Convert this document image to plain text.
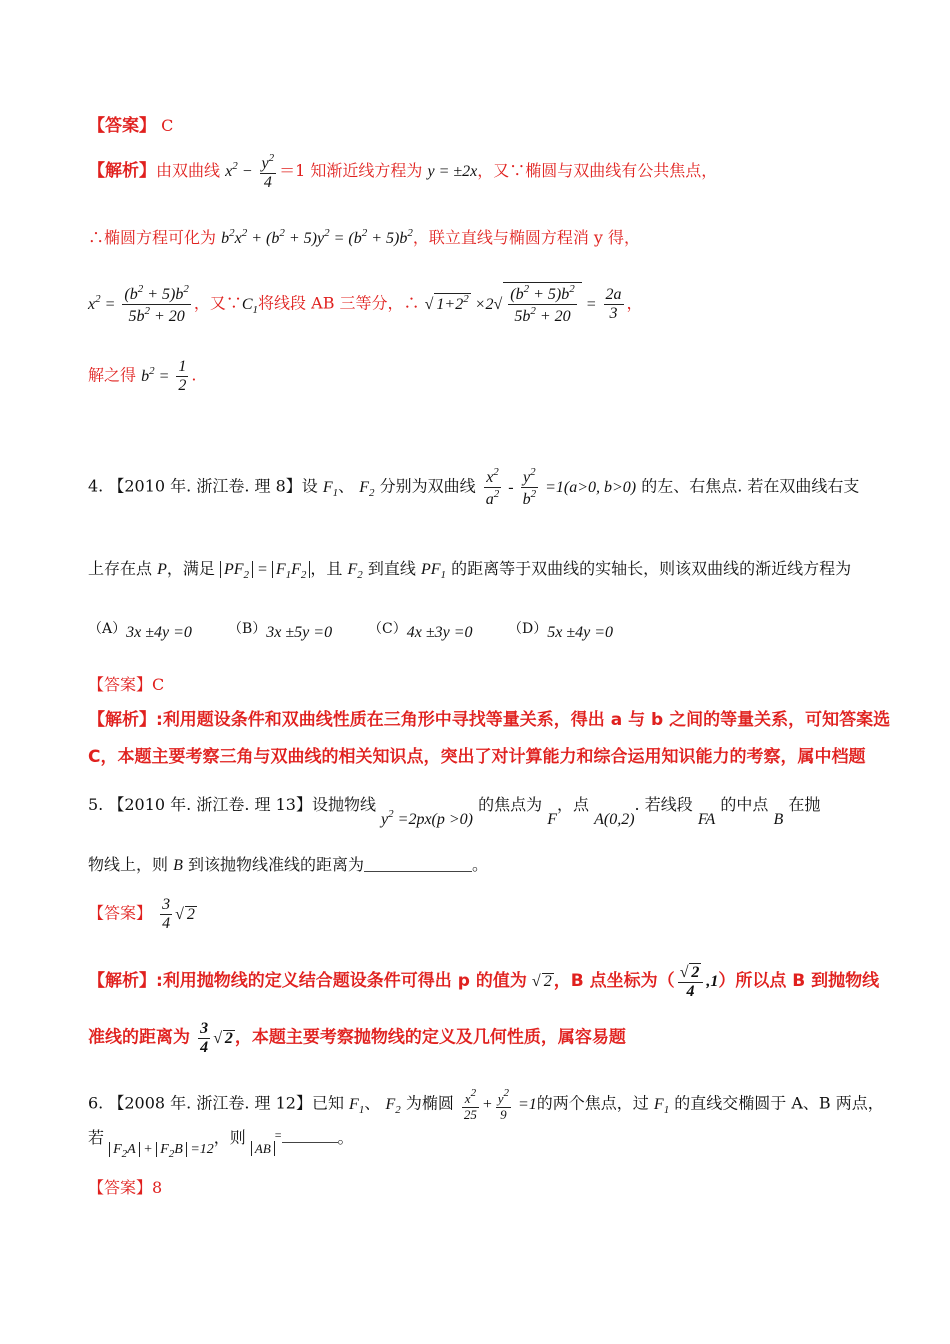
【答案】 C
【解析】由双曲线 $x^2 - \frac{y^2}{4} =1$ 知渐近线方程为 y = ±2x，又∵椭圆与双曲线有公共焦点，
∴椭圆方程可化为 $b^2x^2 + (b^2 + 5)y^2 = (b^2 + 5)b^2$，联立直线与椭圆方程消 y 得，
$x^2 = \frac{(b^2 + 5)b^2}{5b^2 + 20}$ ，又$\because C_1$将线段 AB 三等分，∴ √ $1+2^2 \times 2√ \frac{(b^2 + 5)b^2}{5b^2 + 20} = \frac{2a}{3}$ ，
解之得 $b^2 = \frac{1}{2}$ .
4. 【2010 年. 浙江卷. 理 8】设 $F_1$、 $F_2$ 分别为双曲线 $\frac{x^2}{a^2} - \frac{y^2}{b^2} =1(a>0$, b>0) 的左、右焦点. 若在双曲线右支
上存在点 P，满足 $PF_2 = F_1F_2$ ，且 $F_2$ 到直线 $PF_1$ 的距离等于双曲线的实轴长，则该双曲线的渐近线方程为
（A）3x ±4y =0	（B）3x ±5y =0	（C）4x ±3y =0	（D）5x ±4y =0
【答案】C
【解析】:利用题设条件和双曲线性质在三角形中寻找等量关系，得出 a 与 b 之间的等量关系，可知答案选
C，本题主要考察三角与双曲线的相关知识点，突出了对计算能力和综合运用知识能力的考察，属中档题
5. 【2010 年. 浙江卷. 理 13】设抛物线 $y^2 =2px(p >0)$ 的焦点为 F，点 A(0,2). 若线段 FA 的中点 B 在抛
物线上，则 B 到该抛物线准线的距离为	。
【答案】 $\frac{3}{4}$ √ 2
【解析】:利用抛物线的定义结合题设条件可得出 p 的值为 √ 2 ，B 点坐标为（ $\frac{√ 2}{4} ,1$）所以点 B 到抛物线
准线的距离为 $\frac{3}{4}$ √ 2 ，本题主要考察抛物线的定义及几何性质，属容易题
6. 【2008 年. 浙江卷. 理 12】已知 $F_1$、 $F_2$ 为椭圆 $\frac{x^2}{25} + \frac{y^2}{9} =1$的两个焦点，过 $F_1$ 的直线交椭圆于 A、B 两点，
若 $F_2A + F_2B =12$，则 $_{AB}$=	。
【答案】8
